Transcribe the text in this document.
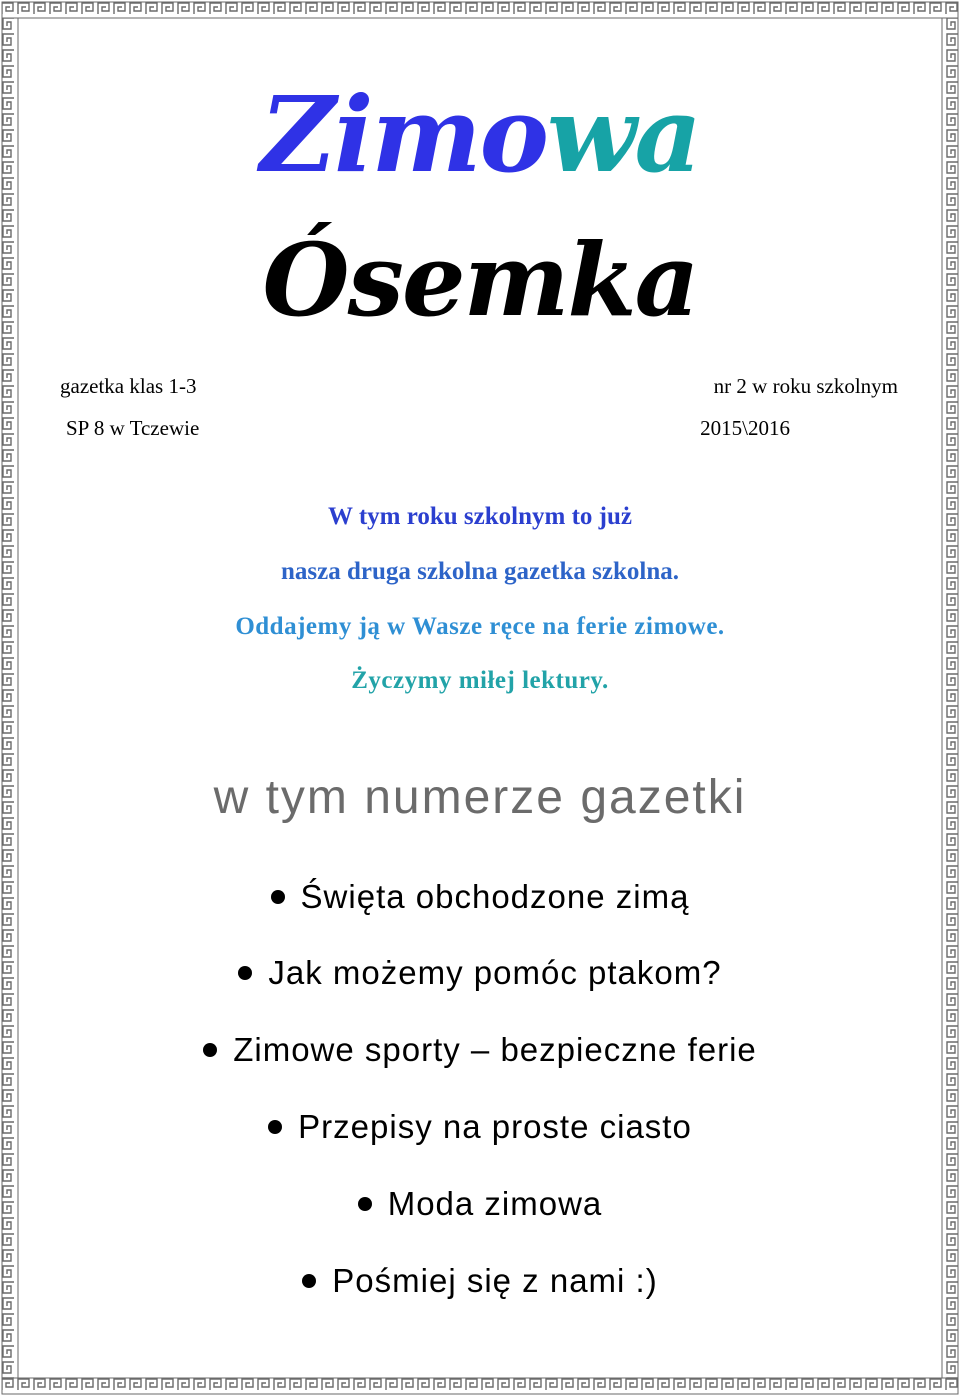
Zimowa
Ósemka
gazetka klas 1-3
SP 8 w Tczewie
nr 2 w roku szkolnym
2015\2016
W tym roku szkolnym to już
nasza druga szkolna gazetka szkolna.
Oddajemy ją w Wasze ręce na ferie zimowe.
Życzymy miłej lektury.
w tym numerze gazetki
Święta obchodzone zimą
Jak możemy pomóc ptakom?
Zimowe sporty – bezpieczne ferie
Przepisy na proste ciasto
Moda zimowa
Pośmiej się z nami :)
